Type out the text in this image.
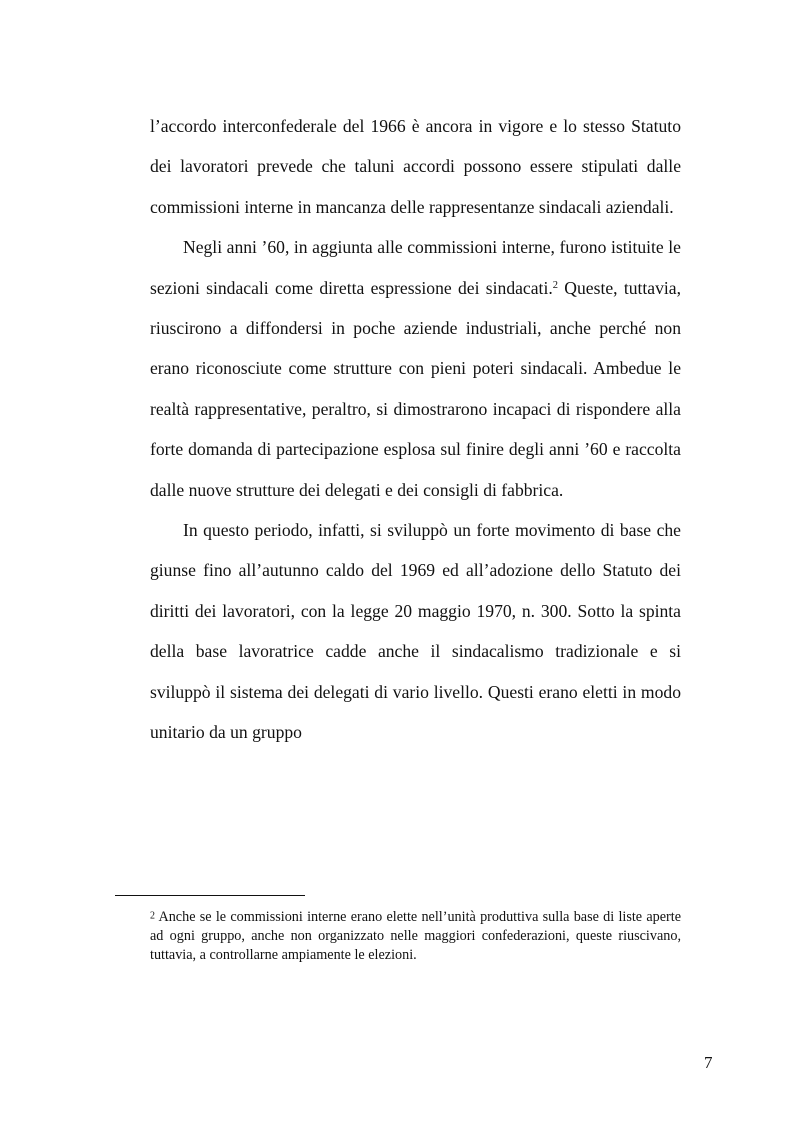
l’accordo interconfederale del 1966 è ancora in vigore e lo stesso Statuto dei lavoratori prevede che taluni accordi possono essere stipulati dalle commissioni interne in mancanza delle rappresentanze sindacali aziendali.

Negli anni ’60, in aggiunta alle commissioni interne, furono istituite le sezioni sindacali come diretta espressione dei sindacati.$^2$ Queste, tuttavia, riuscirono a diffondersi in poche aziende industriali, anche perché non erano riconosciute come strutture con pieni poteri sindacali. Ambedue le realtà rappresentative, peraltro, si dimostrarono incapaci di rispondere alla forte domanda di partecipazione esplosa sul finire degli anni ’60 e raccolta dalle nuove strutture dei delegati e dei consigli di fabbrica.

In questo periodo, infatti, si sviluppò un forte movimento di base che giunse fino all’autunno caldo del 1969 ed all’adozione dello Statuto dei diritti dei lavoratori, con la legge 20 maggio 1970, n. 300. Sotto la spinta della base lavoratrice cadde anche il sindacalismo tradizionale e si sviluppò il sistema dei delegati di vario livello. Questi erano eletti in modo unitario da un gruppo

2 Anche se le commissioni interne erano elette nell’unità produttiva sulla base di liste aperte ad ogni gruppo, anche non organizzato nelle maggiori confederazioni, queste riuscivano, tuttavia, a controllarne ampiamente le elezioni.

7
